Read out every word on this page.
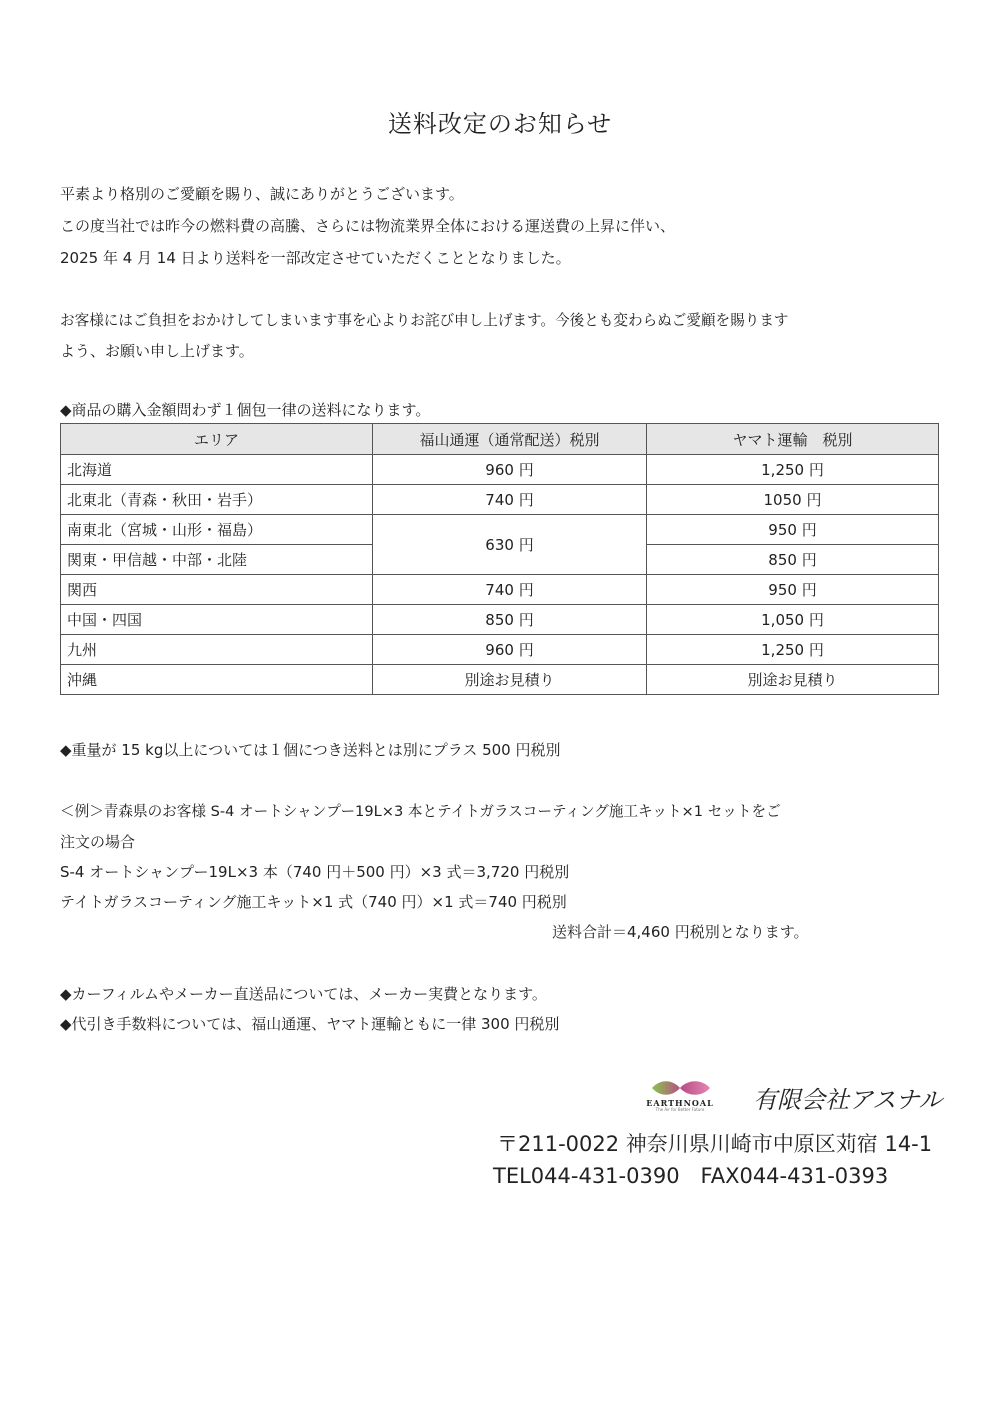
送料改定のお知らせ
平素より格別のご愛顧を賜り、誠にありがとうございます。
この度当社では昨今の燃料費の高騰、さらには物流業界全体における運送費の上昇に伴い、
2025 年 4 月 14 日より送料を一部改定させていただくこととなりました。
お客様にはご負担をおかけしてしまいます事を心よりお詫び申し上げます。今後とも変わらぬご愛顧を賜ります
よう、お願い申し上げます。
◆商品の購入金額問わず１個包一律の送料になります。
エリア	福山通運（通常配送）税別	ヤマト運輸　税別
北海道	960 円	1,250 円
北東北（青森・秋田・岩手）	740 円	1050 円
南東北（宮城・山形・福島）	630 円	950 円
関東・甲信越・中部・北陸		850 円
関西	740 円	950 円
中国・四国	850 円	1,050 円
九州	960 円	1,250 円
沖縄	別途お見積り	別途お見積り
◆重量が 15 kg以上については１個につき送料とは別にプラス 500 円税別
＜例＞青森県のお客様 S-4 オートシャンプー19L×3 本とテイトガラスコーティング施工キット×1 セットをご
注文の場合
S-4 オートシャンプー19L×3 本（740 円＋500 円）×3 式＝3,720 円税別
テイトガラスコーティング施工キット×1 式（740 円）×1 式＝740 円税別
送料合計＝4,460 円税別となります。
◆カーフィルムやメーカー直送品については、メーカー実費となります。
◆代引き手数料については、福山通運、ヤマト運輸ともに一律 300 円税別
EARTHNOAL
The Air for Better Future	有限会社アスナル
〒211-0022 神奈川県川崎市中原区苅宿 14-1
TEL044-431-0390　FAX044-431-0393
